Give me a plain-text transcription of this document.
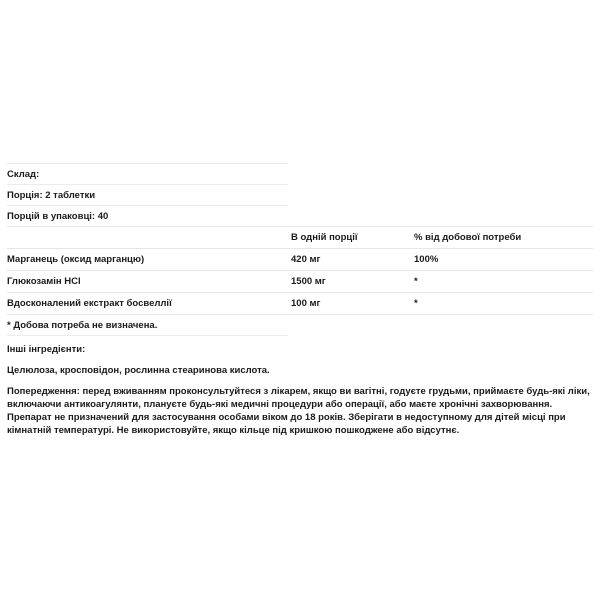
Склад:
Порція: 2 таблетки
Порцій в упаковці: 40
	В одній порції	% від добової потреби
Марганець (оксид марганцю)	420 мг	100%
Глюкозамін HCl	1500 мг	*
Вдосконалений екстракт босвеллії	100 мг	*
* Добова потреба не визначена.
Інші інгредієнти:
Целюлоза, кросповідон, рослинна стеаринова кислота.
Попередження: перед вживанням проконсультуйтеся з лікарем, якщо ви вагітні, годуєте грудьми, приймаєте будь-які ліки,
включаючи антикоагулянти, плануєте будь-які медичні процедури або операції, або маєте хронічні захворювання.
Препарат не призначений для застосування особами віком до 18 років. Зберігати в недоступному для дітей місці при
кімнатній температурі. Не використовуйте, якщо кільце під кришкою пошкоджене або відсутнє.
